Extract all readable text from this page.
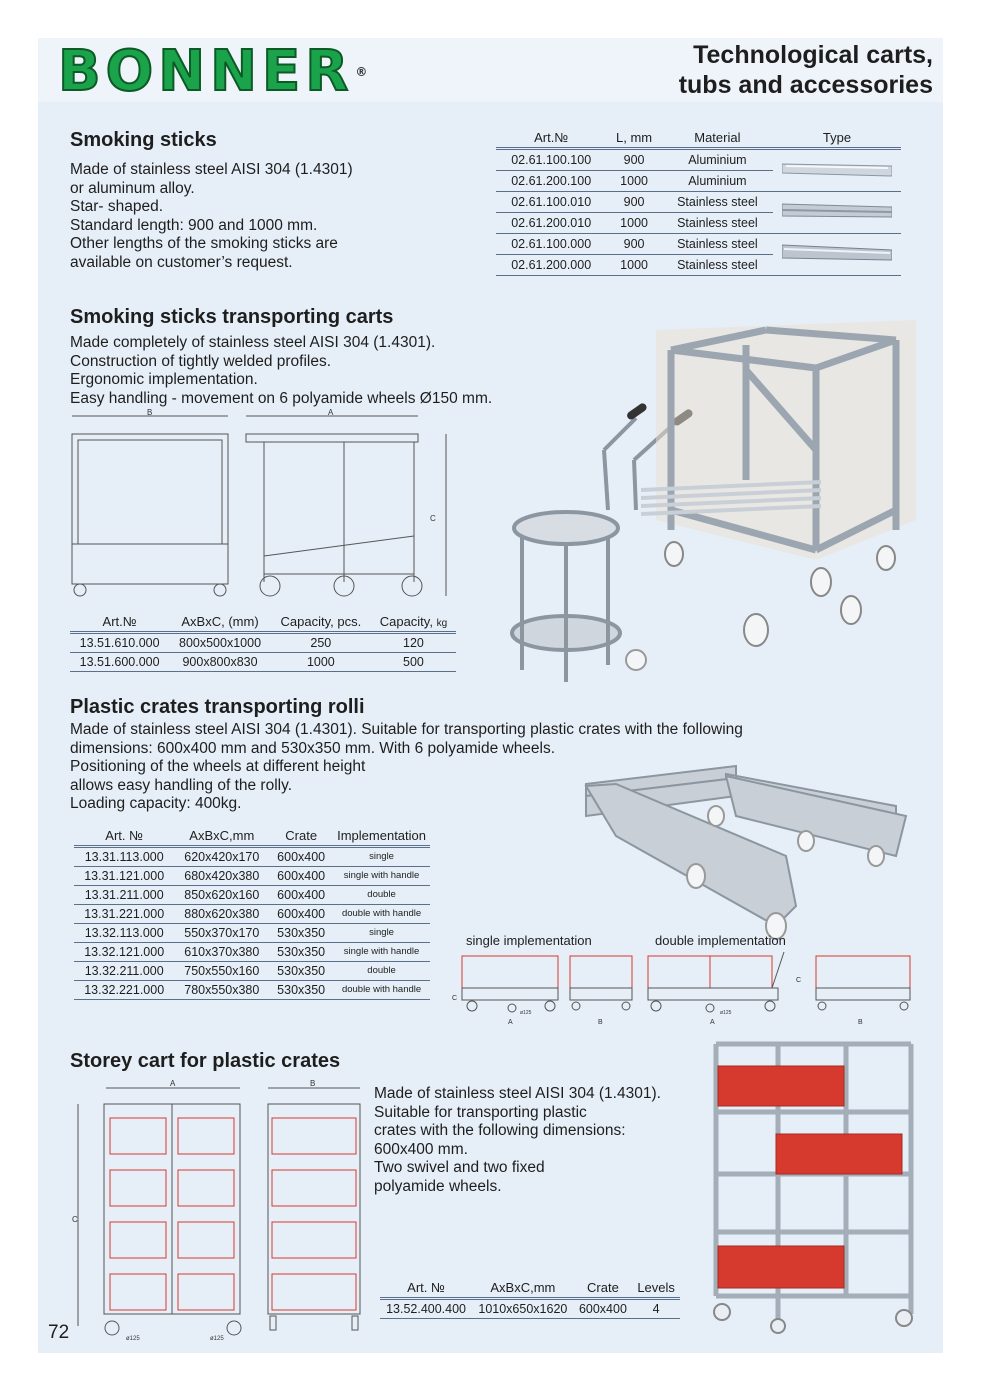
BONNER ®
Technological carts,
tubs and accessories
Smoking sticks
Made of stainless steel AISI 304 (1.4301)
or aluminum alloy.
Star- shaped.
Standard length: 900 and 1000 mm.
Other lengths of the smoking sticks are
available on customer’s request.
Art.№	L, mm	Material	Type
02.61.100.100	900	Aluminium	
02.61.200.100	1000	Aluminium	
02.61.100.010	900	Stainless steel	
02.61.200.010	1000	Stainless steel	
02.61.100.000	900	Stainless steel	
02.61.200.000	1000	Stainless steel	
Smoking sticks transporting carts
Made completely of stainless steel AISI 304 (1.4301).
Construction of tightly welded profiles.
Ergonomic implementation.
Easy handling - movement on 6 polyamide wheels Ø150 mm.
B	A
C
Art.№	AxBxC, (mm)	Capacity, pcs.	Capacity, kg
13.51.610.000	800x500x1000	250	120
13.51.600.000	900x800x830	1000	500
Plastic crates transporting rolli
Made of stainless steel AISI 304 (1.4301). Suitable for transporting plastic crates with the following
dimensions: 600x400 mm and 530x350 mm. With 6 polyamide wheels.
Positioning of the wheels at different height
allows easy handling of the rolly.
Loading capacity: 400kg.
Art. №	AxBxC,mm	Crate	Implementation
13.31.113.000	620x420x170	600x400	single
13.31.121.000	680x420x380	600x400	single with handle
13.31.211.000	850x620x160	600x400	double
13.31.221.000	880x620x380	600x400	double with handle
13.32.113.000	550x370x170	530x350	single
13.32.121.000	610x370x380	530x350	single with handle
13.32.211.000	750x550x160	530x350	double
13.32.221.000	780x550x380	530x350	double with handle
single implementation	double implementation
C
A
ø125
B	A
ø125
C
B
Storey cart for plastic crates
Made of stainless steel AISI 304 (1.4301).
Suitable for transporting plastic
crates with the following dimensions:
600x400 mm.
Two swivel and two fixed
polyamide wheels.
A
C
ø125	ø125
B
Art. №	AxBxC,mm	Crate	Levels
13.52.400.400	1010x650x1620	600x400	4
72
